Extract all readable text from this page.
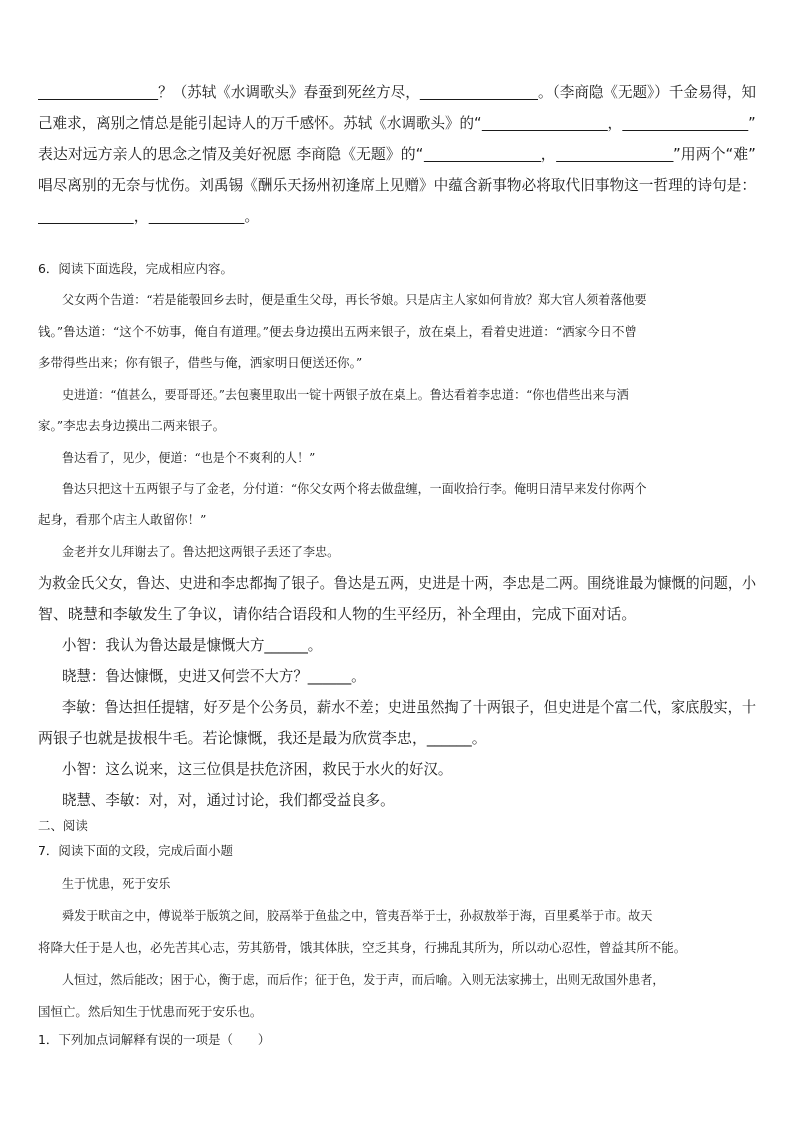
？（苏轼《水调歌头》春蚕到死丝方尽，	。（李商隐《无题》）千金易得，知
己难求，离别之情总是能引起诗人的万千感怀。苏轼《水调歌头》的“	，	”
表达对远方亲人的思念之情及美好祝愿 李商隐《无题》的“	，	”用两个“难”
唱尽离别的无奈与忧伤。刘禹锡《酬乐天扬州初逢席上见赠》中蕴含新事物必将取代旧事物这一哲理的诗句是：
，	。
6．阅读下面选段，完成相应内容。
父女两个告道：“若是能彀回乡去时，便是重生父母，再长爷娘。只是店主人家如何肯放？郑大官人须着落他要
钱。”鲁达道：“这个不妨事，俺自有道理。”便去身边摸出五两来银子，放在桌上，看着史进道：“洒家今日不曾
多带得些出来；你有银子，借些与俺，洒家明日便送还你。”
史进道：“值甚么，要哥哥还。”去包裹里取出一锭十两银子放在桌上。鲁达看着李忠道：“你也借些出来与洒
家。”李忠去身边摸出二两来银子。
鲁达看了，见少，便道：“也是个不爽利的人！”
鲁达只把这十五两银子与了金老，分付道：“你父女两个将去做盘缠，一面收拾行李。俺明日清早来发付你两个
起身，看那个店主人敢留你！”
金老并女儿拜谢去了。鲁达把这两银子丢还了李忠。
为救金氏父女，鲁达、史进和李忠都掏了银子。鲁达是五两，史进是十两，李忠是二两。围绕谁最为慷慨的问题，小
智、晓慧和李敏发生了争议，请你结合语段和人物的生平经历，补全理由，完成下面对话。
小智：我认为鲁达最是慷慨大方______。
晓慧：鲁达慷慨，史进又何尝不大方？______。
李敏：鲁达担任提辖，好歹是个公务员，薪水不差；史进虽然掏了十两银子，但史进是个富二代，家底殷实，十
两银子也就是拔根牛毛。若论慷慨，我还是最为欣赏李忠，______。
小智：这么说来，这三位俱是扶危济困，救民于水火的好汉。
晓慧、李敏：对，对，通过讨论，我们都受益良多。
二、阅读
7．阅读下面的文段，完成后面小题
生于忧患，死于安乐
舜发于畎亩之中，傅说举于版筑之间，胶鬲举于鱼盐之中，管夷吾举于士，孙叔敖举于海，百里奚举于市。故天
将降大任于是人也，必先苦其心志，劳其筋骨，饿其体肤，空乏其身，行拂乱其所为，所以动心忍性，曾益其所不能。
人恒过，然后能改；困于心，衡于虑，而后作；征于色，发于声，而后喻。入则无法家拂士，出则无敌国外患者，
国恒亡。然后知生于忧患而死于安乐也。
1．下列加点词解释有误的一项是（　　）
